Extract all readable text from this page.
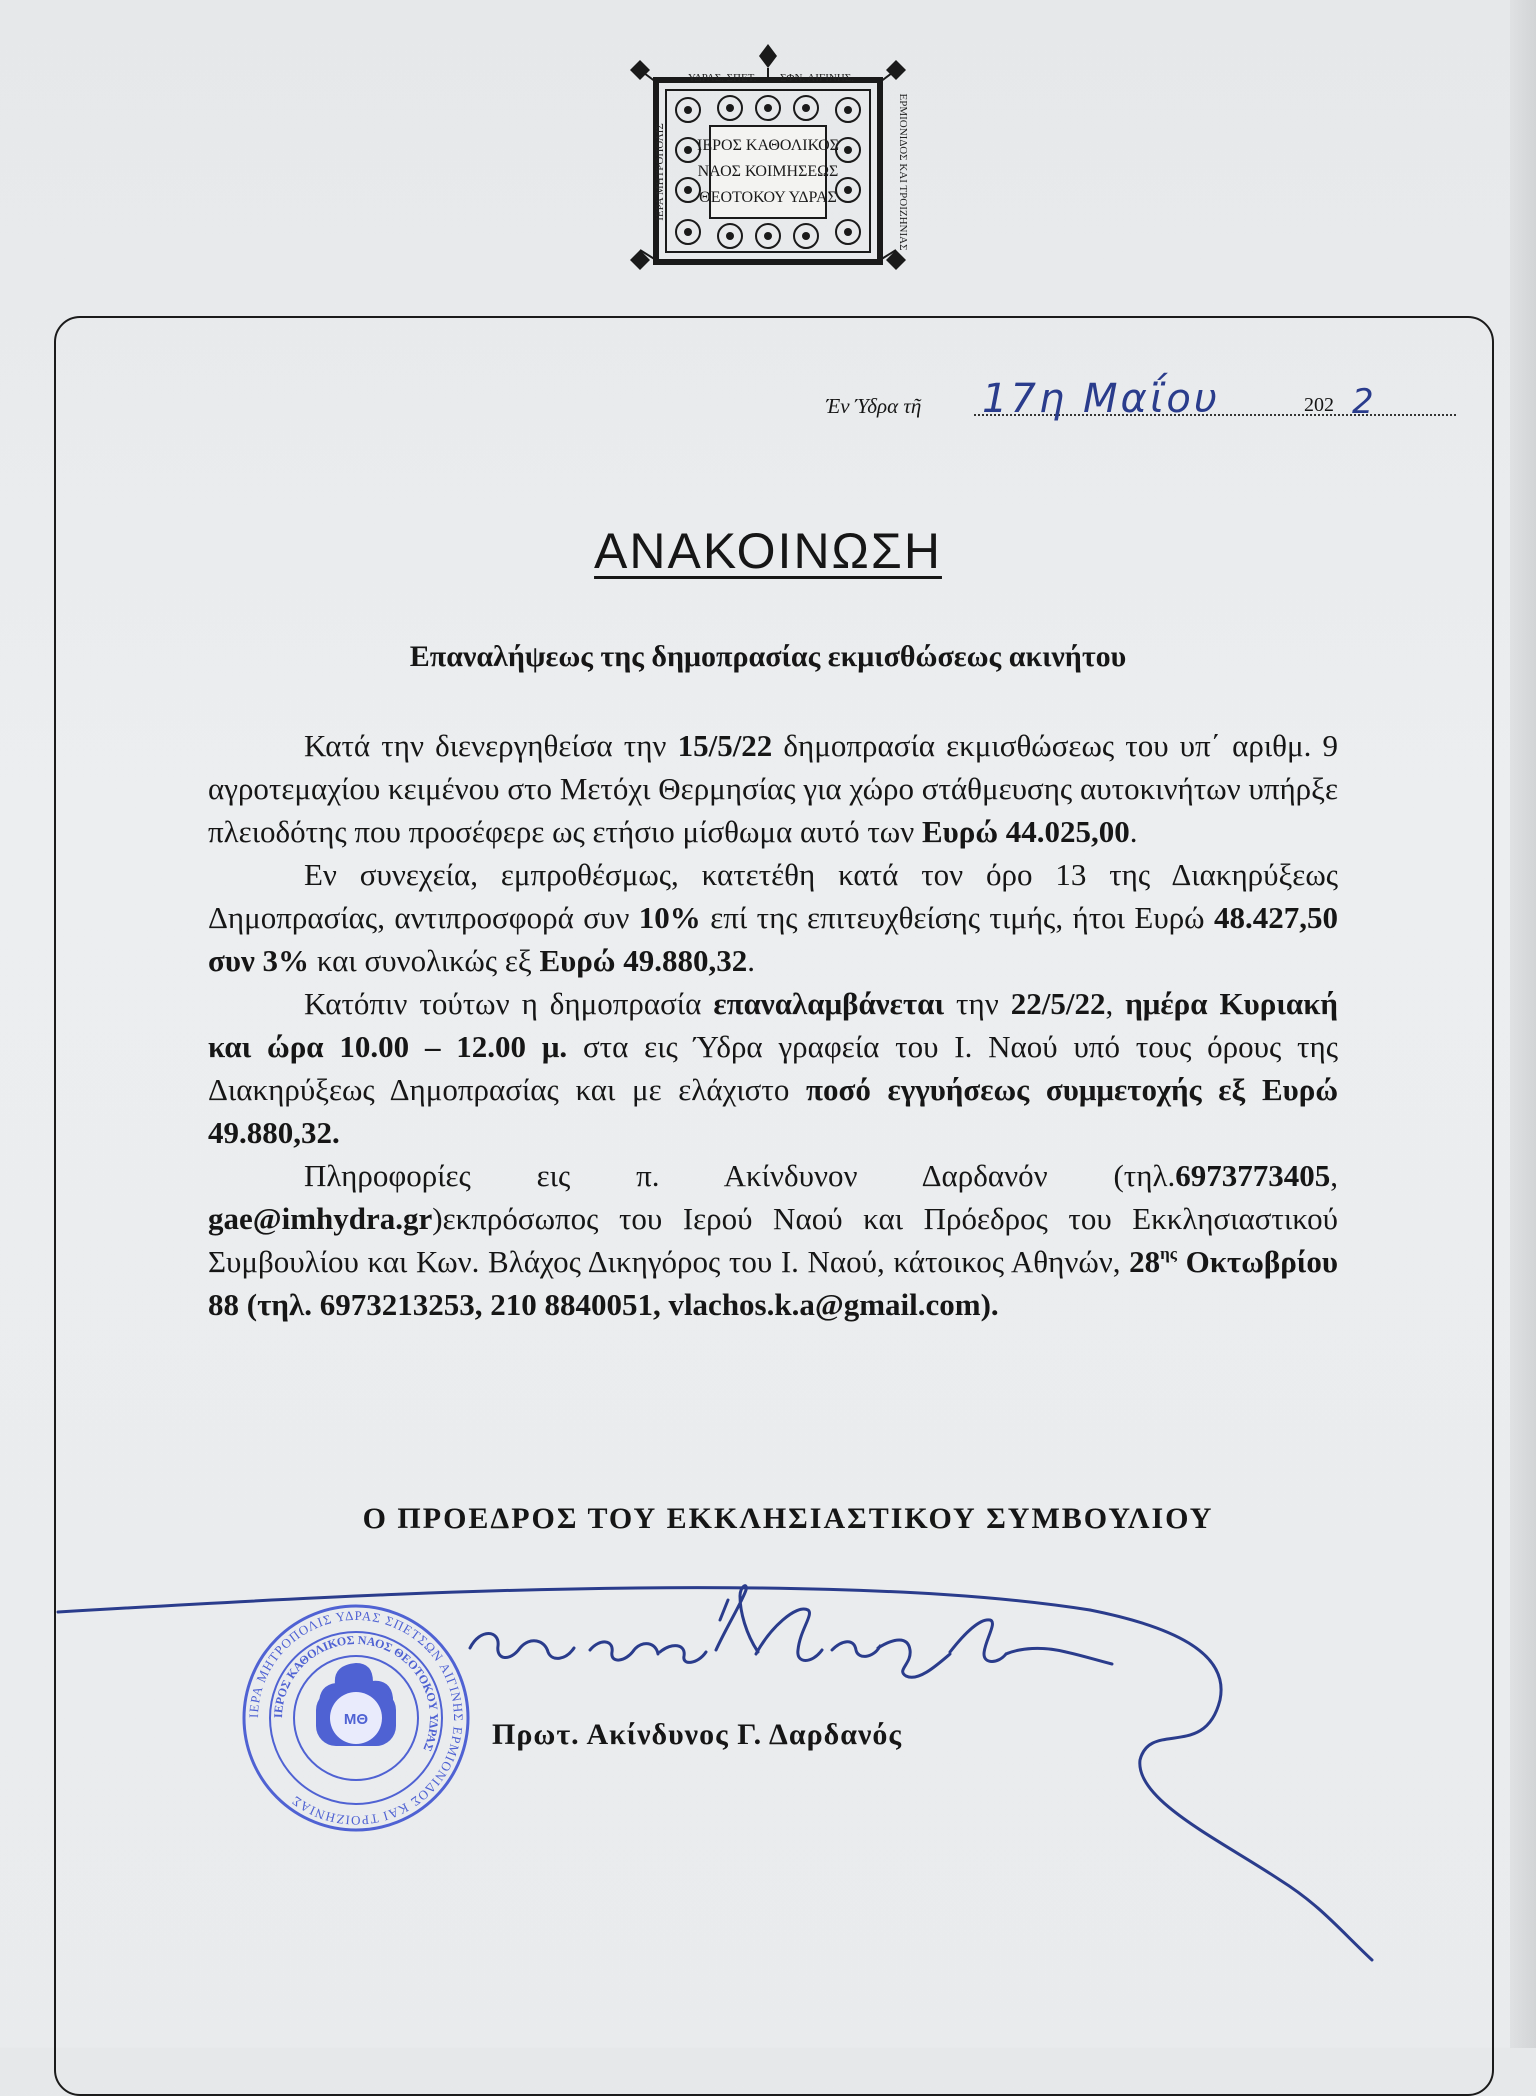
ΙΕΡΟΣ ΚΑΘΟΛΙΚΟΣ
ΝΑΟΣ ΚΟΙΜΗΣΕΩΣ
ΘΕΟΤΟΚΟΥ ΥΔΡΑΣ
ΥΔΡΑΣ. ΣΠΕΤ. ΣΦΝ. ΑΙΓΙΝΗΣ.
ΙΕΡΑ ΜΗΤΡΟΠΟΛΙΣ	ΕΡΜΙΟΝΙΔΟΣ ΚΑΙ ΤΡΟΙΖΗΝΙΑΣ
Έν Ύδρα τῆ 17η Μαΐου	202 2
ΑΝΑΚΟΙΝΩΣΗ
Επαναλήψεως της δημοπρασίας εκμισθώσεως ακινήτου

Κατά την διενεργηθείσα την 15/5/22 δημοπρασία εκμισθώσεως του υπ΄ αριθμ. 9 αγροτεμαχίου κειμένου στο Μετόχι Θερμησίας για χώρο στάθμευσης αυτοκινήτων υπήρξε πλειοδότης που προσέφερε ως ετήσιο μίσθωμα αυτό των Ευρώ 44.025,00.

Εν συνεχεία, εμπροθέσμως, κατετέθη κατά τον όρο 13 της Διακηρύξεως Δημοπρασίας, αντιπροσφορά συν 10% επί της επιτευχθείσης τιμής, ήτοι Ευρώ 48.427,50 συν 3% και συνολικώς εξ Ευρώ 49.880,32.

Κατόπιν τούτων η δημοπρασία επαναλαμβάνεται την 22/5/22, ημέρα Κυριακή και ώρα 10.00 – 12.00 μ. στα εις Ύδρα γραφεία του Ι. Ναού υπό τους όρους της Διακηρύξεως Δημοπρασίας και με ελάχιστο ποσό εγγυήσεως συμμετοχής εξ Ευρώ 49.880,32.

Πληροφορίες εις π. Ακίνδυνον Δαρδανόν (τηλ.6973773405, gae@imhydra.gr)εκπρόσωπος του Ιερού Ναού και Πρόεδρος του Εκκλησιαστικού Συμβουλίου και Κων. Βλάχος Δικηγόρος του Ι. Ναού, κάτοικος Αθηνών, $28^{\eta\varsigma}$ Οκτωβρίου 88 (τηλ. 6973213253, 210 8840051, vlachos.k.a@gmail.com).

Ο ΠΡΟΕΔΡΟΣ ΤΟΥ ΕΚΚΛΗΣΙΑΣΤΙΚΟΥ ΣΥΜΒΟΥΛΙΟΥ
Πρωτ. Ακίνδυνος Γ. Δαρδανός
ΙΕΡΑ ΜΗΤΡΟΠΟΛΙΣ ΥΔΡΑΣ ΣΠΕΤΣΩΝ ΑΙΓΙΝΗΣ ΕΡΜΙΟΝΙΔΟΣ ΚΑΙ ΤΡΟΙΖΗΝΙΑΣ
ΙΕΡΟΣ ΚΑΘΟΛΙΚΟΣ ΝΑΟΣ ΘΕΟΤΟΚΟΥ ΥΔΡΑΣ
ΜΘ
